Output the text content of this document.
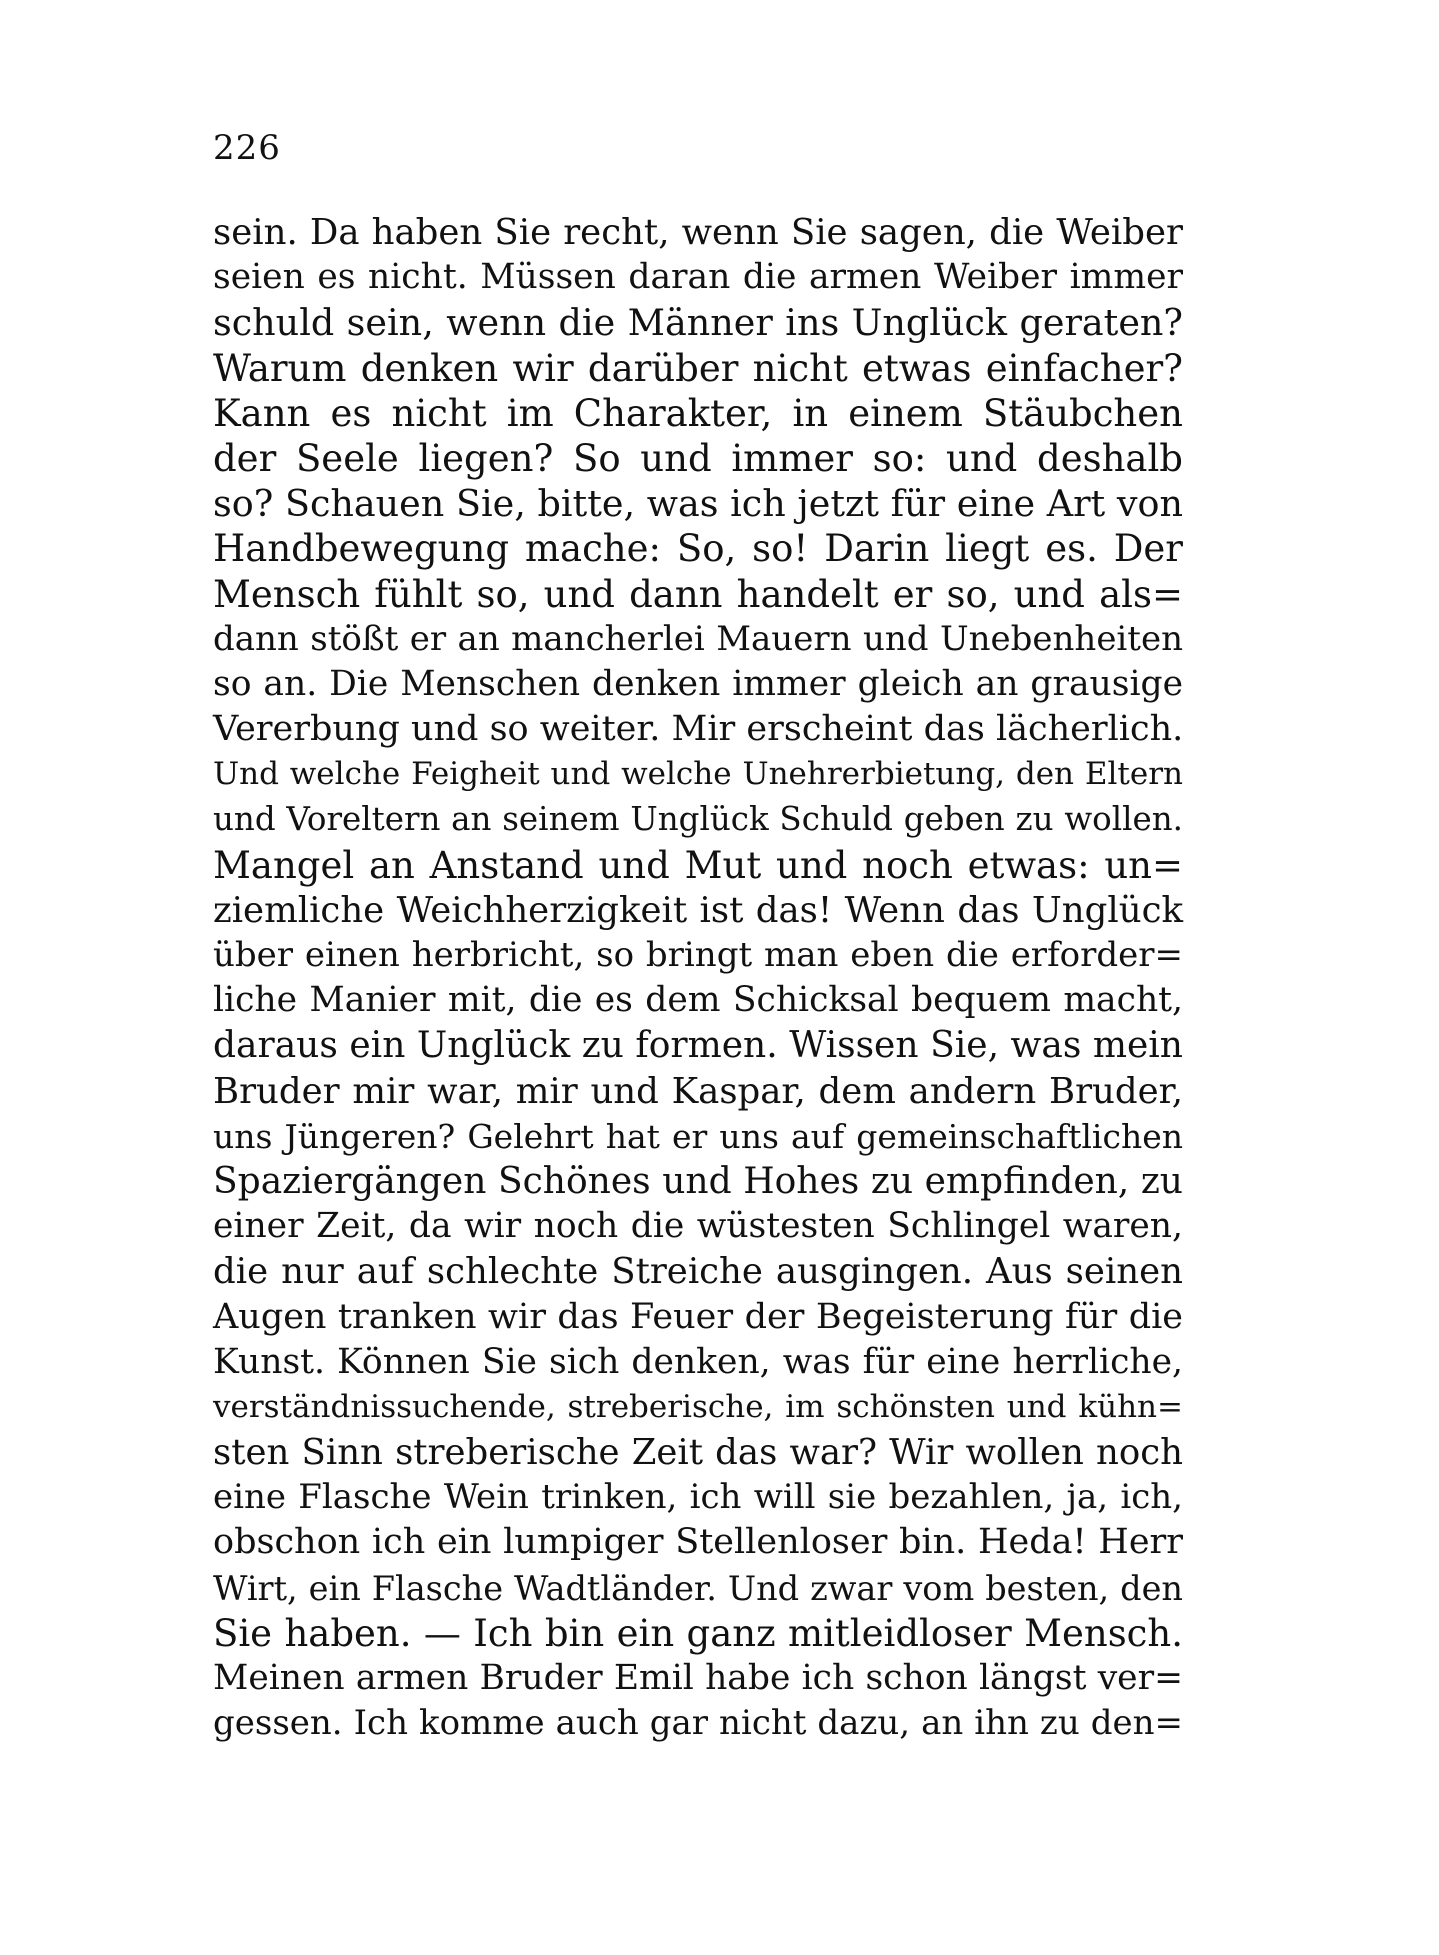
226
sein. Da haben Sie recht, wenn Sie sagen, die Weiber
seien es nicht. Müssen daran die armen Weiber immer
schuld sein, wenn die Männer ins Unglück geraten?
Warum denken wir darüber nicht etwas einfacher?
Kann es nicht im Charakter, in einem Stäubchen
der Seele liegen? So und immer so: und deshalb
so? Schauen Sie, bitte, was ich jetzt für eine Art von
Handbewegung mache: So, so! Darin liegt es. Der
Mensch fühlt so, und dann handelt er so, und als=
dann stößt er an mancherlei Mauern und Unebenheiten
so an. Die Menschen denken immer gleich an grausige
Vererbung und so weiter. Mir erscheint das lächerlich.
Und welche Feigheit und welche Unehrerbietung, den Eltern
und Voreltern an seinem Unglück Schuld geben zu wollen.
Mangel an Anstand und Mut und noch etwas: un=
ziemliche Weichherzigkeit ist das! Wenn das Unglück
über einen herbricht, so bringt man eben die erforder=
liche Manier mit, die es dem Schicksal bequem macht,
daraus ein Unglück zu formen. Wissen Sie, was mein
Bruder mir war, mir und Kaspar, dem andern Bruder,
uns Jüngeren? Gelehrt hat er uns auf gemeinschaftlichen
Spaziergängen Schönes und Hohes zu empfinden, zu
einer Zeit, da wir noch die wüstesten Schlingel waren,
die nur auf schlechte Streiche ausgingen. Aus seinen
Augen tranken wir das Feuer der Begeisterung für die
Kunst. Können Sie sich denken, was für eine herrliche,
verständnissuchende, streberische, im schönsten und kühn=
sten Sinn streberische Zeit das war? Wir wollen noch
eine Flasche Wein trinken, ich will sie bezahlen, ja, ich,
obschon ich ein lumpiger Stellenloser bin. Heda! Herr
Wirt, ein Flasche Wadtländer. Und zwar vom besten, den
Sie haben. — Ich bin ein ganz mitleidloser Mensch.
Meinen armen Bruder Emil habe ich schon längst ver=
gessen. Ich komme auch gar nicht dazu, an ihn zu den=
